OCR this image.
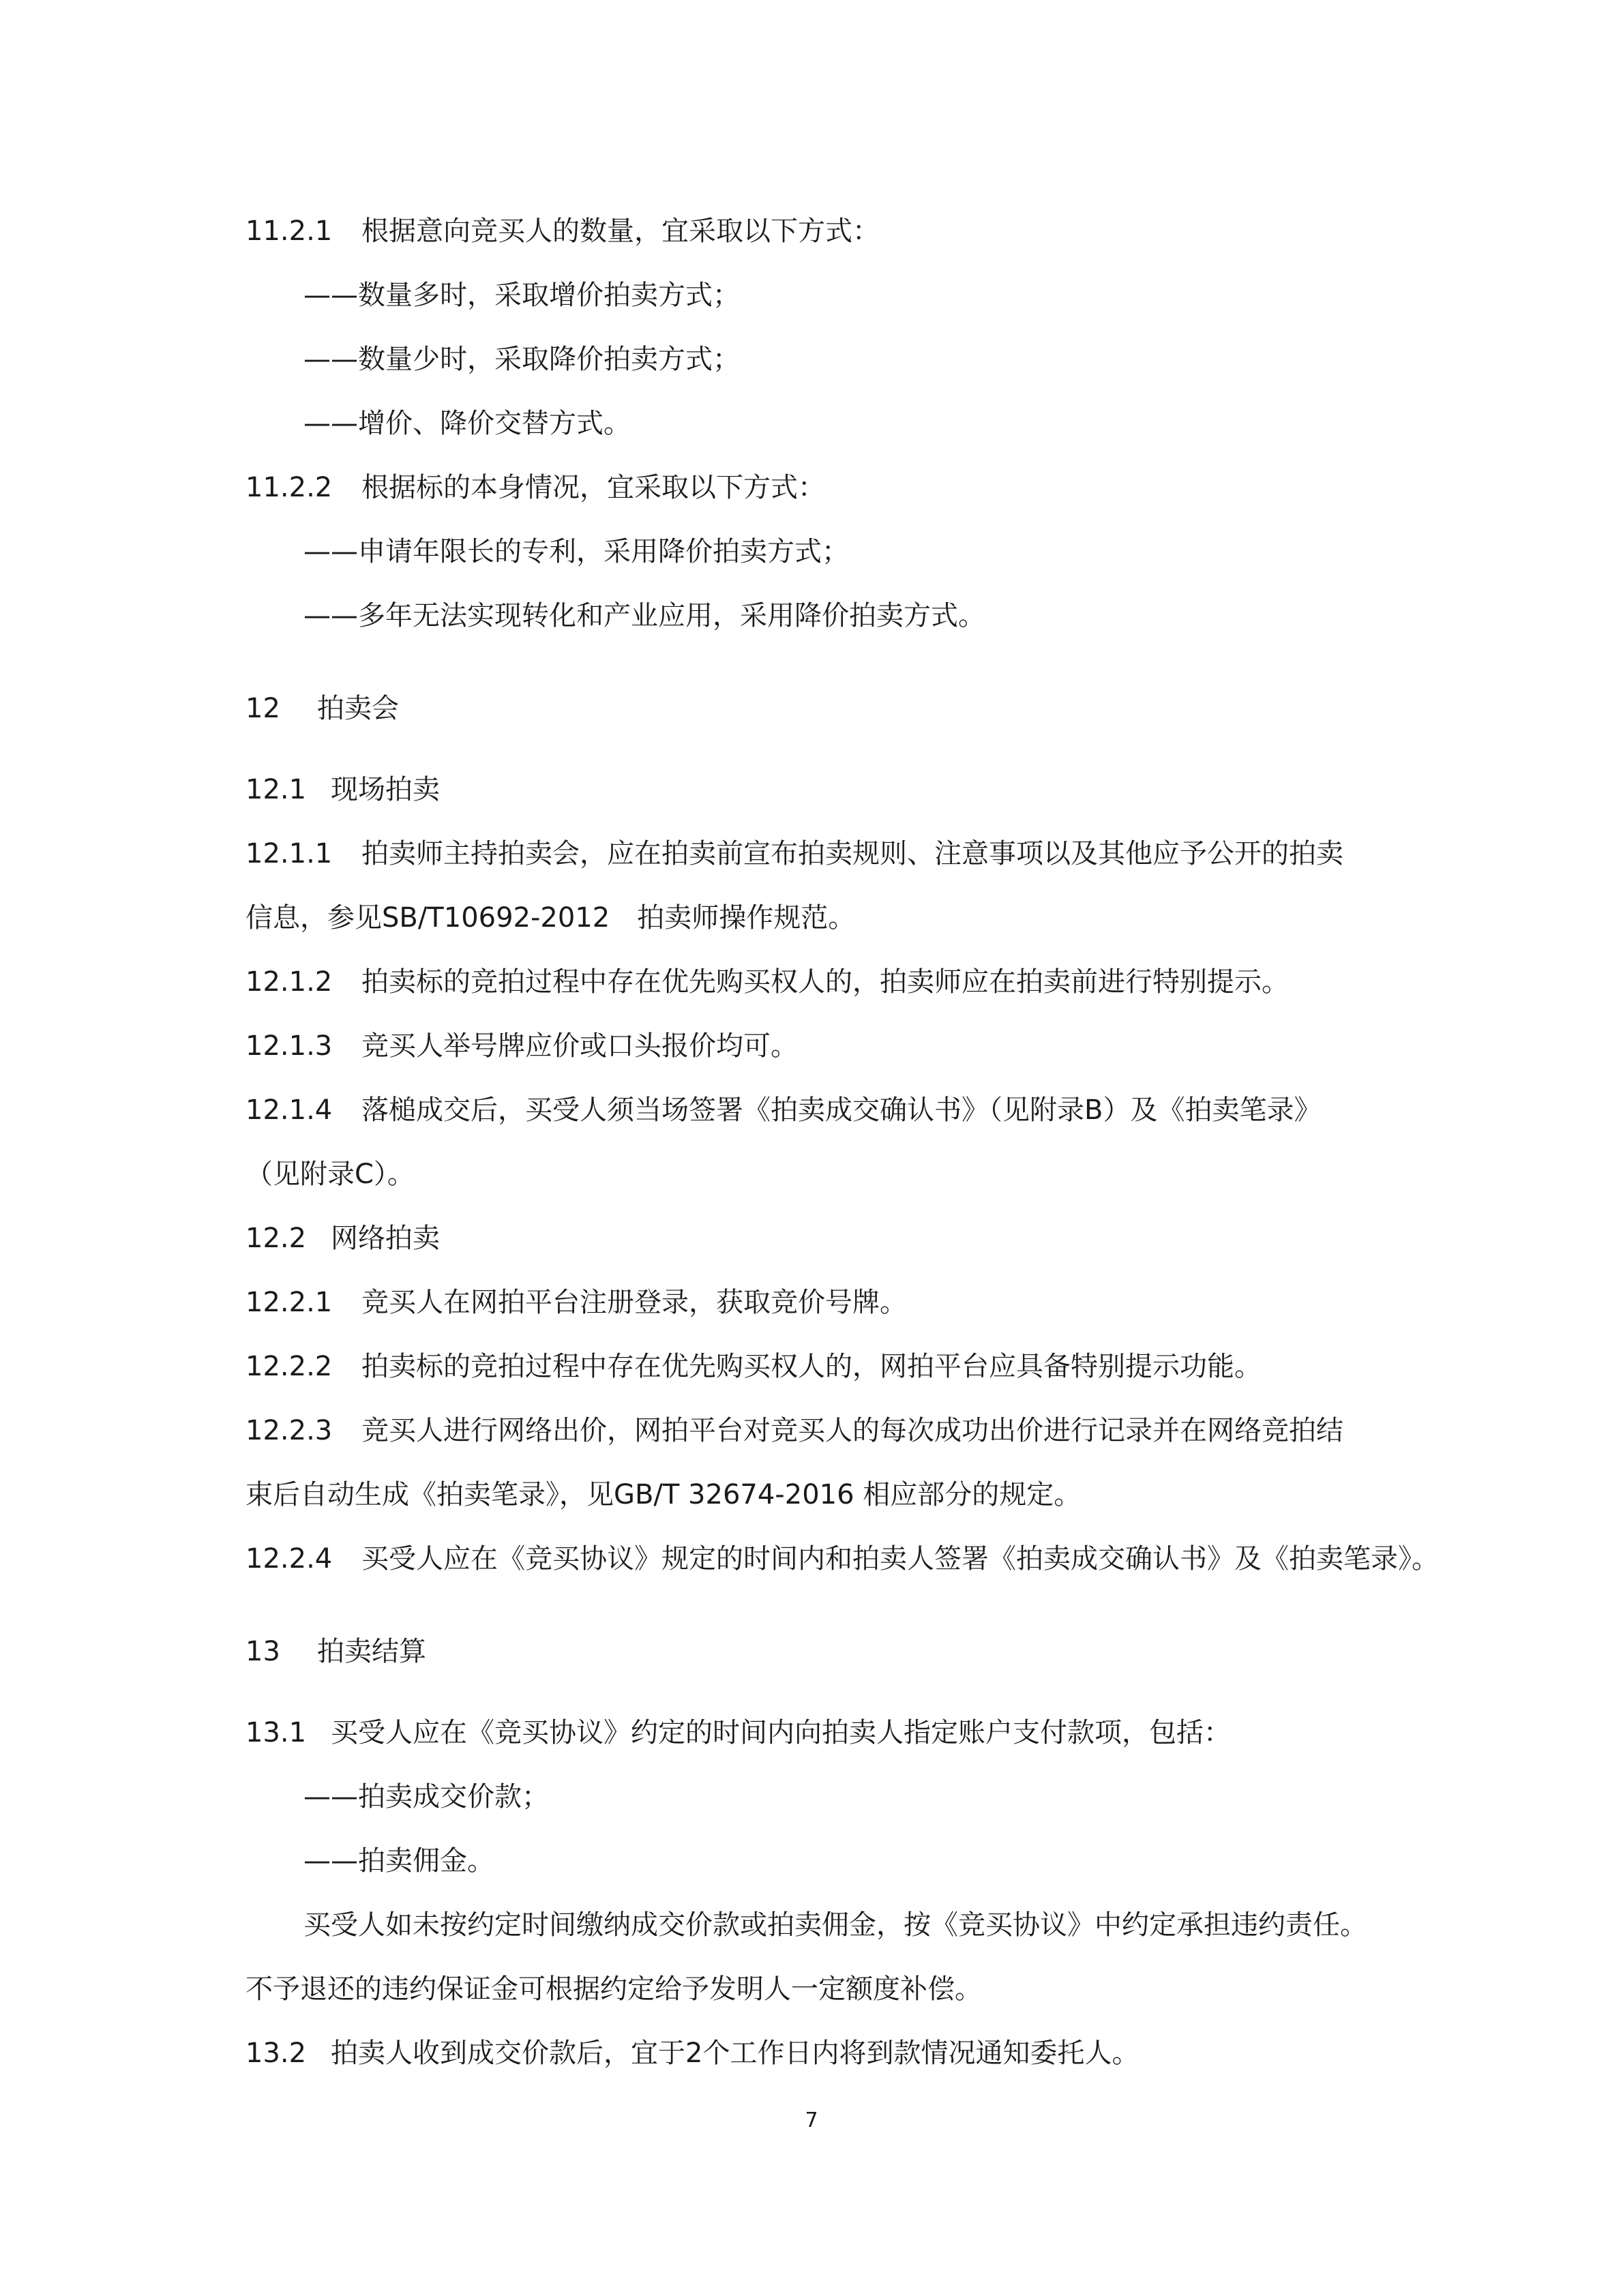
11.2.1 根据意向竞买人的数量，宜采取以下方式：
——数量多时，采取增价拍卖方式；
——数量少时，采取降价拍卖方式；
——增价、降价交替方式。
11.2.2 根据标的本身情况，宜采取以下方式：
——申请年限长的专利，采用降价拍卖方式；
——多年无法实现转化和产业应用，采用降价拍卖方式。
12 拍卖会
12.1 现场拍卖
12.1.1 拍卖师主持拍卖会，应在拍卖前宣布拍卖规则、注意事项以及其他应予公开的拍卖
信息，参见SB/T10692-2012　拍卖师操作规范。
12.1.2 拍卖标的竞拍过程中存在优先购买权人的，拍卖师应在拍卖前进行特别提示。
12.1.3 竞买人举号牌应价或口头报价均可。
12.1.4 落槌成交后，买受人须当场签署《拍卖成交确认书》（见附录B）及《拍卖笔录》
（见附录C）。
12.2 网络拍卖
12.2.1 竞买人在网拍平台注册登录，获取竞价号牌。
12.2.2 拍卖标的竞拍过程中存在优先购买权人的，网拍平台应具备特别提示功能。
12.2.3 竞买人进行网络出价，网拍平台对竞买人的每次成功出价进行记录并在网络竞拍结
束后自动生成《拍卖笔录》，见GB/T 32674-2016 相应部分的规定。
12.2.4 买受人应在《竞买协议》规定的时间内和拍卖人签署《拍卖成交确认书》及《拍卖笔录》。
13 拍卖结算
13.1 买受人应在《竞买协议》约定的时间内向拍卖人指定账户支付款项，包括：
——拍卖成交价款；
——拍卖佣金。
买受人如未按约定时间缴纳成交价款或拍卖佣金，按《竞买协议》中约定承担违约责任。
不予退还的违约保证金可根据约定给予发明人一定额度补偿。
13.2 拍卖人收到成交价款后，宜于2个工作日内将到款情况通知委托人。
7
